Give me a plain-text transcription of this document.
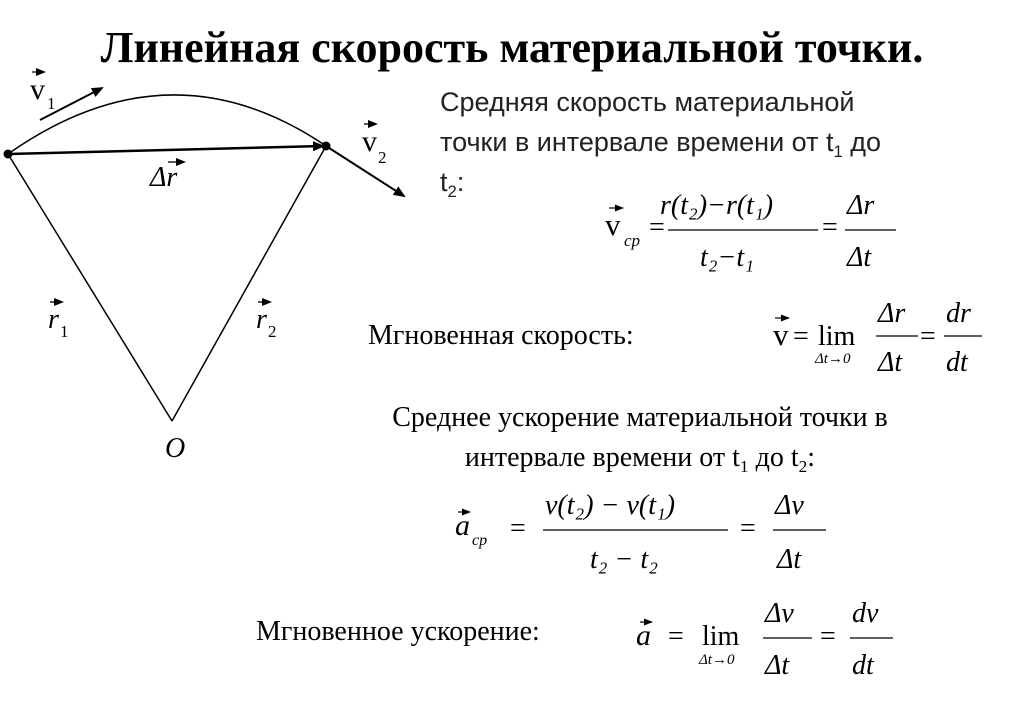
Линейная скорость материальной точки.
v 1
v 2
Δr
r 1	r 2
O
Средняя скорость материальной
точки в интервале времени от $t_1$ до
$t_2$:
Мгновенная скорость:
Среднее ускорение материальной точки в
интервале времени от $t_1$ до $t_2$:
Мгновенное ускорение:
v cp =
r(t₂)−r(t₁)
t₂−t₁
=
Δr
Δt
v = lim
Δt→0
Δr
Δt
=
dr
dt
a cp =
v(t₂) − v(t₁)
t₂ − t₂
=
Δv
Δt
a = lim
Δt→0
Δv
Δt
=
dv
dt
